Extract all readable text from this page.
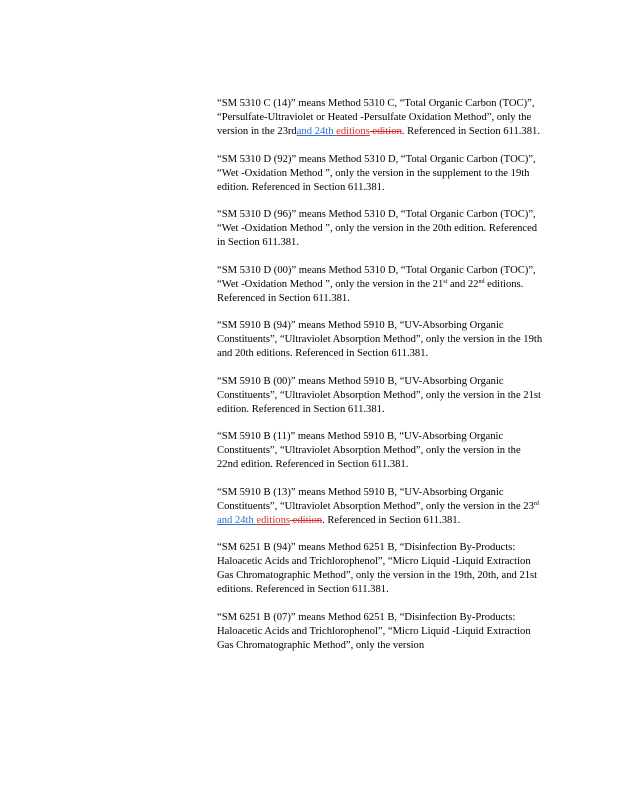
“SM 5310 C (14)” means Method 5310 C, “Total Organic Carbon (TOC)”, “Persulfate-Ultraviolet or Heated -Persulfate Oxidation Method”, only the version in the 23rdand 24th editions edition. Referenced in Section 611.381.

“SM 5310 D (92)” means Method 5310 D, “Total Organic Carbon (TOC)”, “Wet -Oxidation Method ”, only the version in the supplement to the 19th edition. Referenced in Section 611.381.

“SM 5310 D (96)” means Method 5310 D, “Total Organic Carbon (TOC)”, “Wet -Oxidation Method ”, only the version in the 20th edition. Referenced in Section 611.381.

“SM 5310 D (00)” means Method 5310 D, “Total Organic Carbon (TOC)”, “Wet -Oxidation Method ”, only the version in the 21st and 22nd editions. Referenced in Section 611.381.

“SM 5910 B (94)” means Method 5910 B, “UV-Absorbing Organic Constituents”, “Ultraviolet Absorption Method”, only the version in the 19th and 20th editions. Referenced in Section 611.381.

“SM 5910 B (00)” means Method 5910 B, “UV-Absorbing Organic Constituents”, “Ultraviolet Absorption Method”, only the version in the 21st edition. Referenced in Section 611.381.

“SM 5910 B (11)” means Method 5910 B, “UV-Absorbing Organic Constituents”, “Ultraviolet Absorption Method”, only the version in the 22nd edition. Referenced in Section 611.381.

“SM 5910 B (13)” means Method 5910 B, “UV-Absorbing Organic Constituents”, “Ultraviolet Absorption Method”, only the version in the 23rd and 24th editions edition. Referenced in Section 611.381.

“SM 6251 B (94)” means Method 6251 B, “Disinfection By-Products: Haloacetic Acids and Trichlorophenol”, “Micro Liquid -Liquid Extraction Gas Chromatographic Method”, only the version in the 19th, 20th, and 21st editions. Referenced in Section 611.381.

“SM 6251 B (07)” means Method 6251 B, “Disinfection By-Products: Haloacetic Acids and Trichlorophenol”, “Micro Liquid -Liquid Extraction Gas Chromatographic Method”, only the version
